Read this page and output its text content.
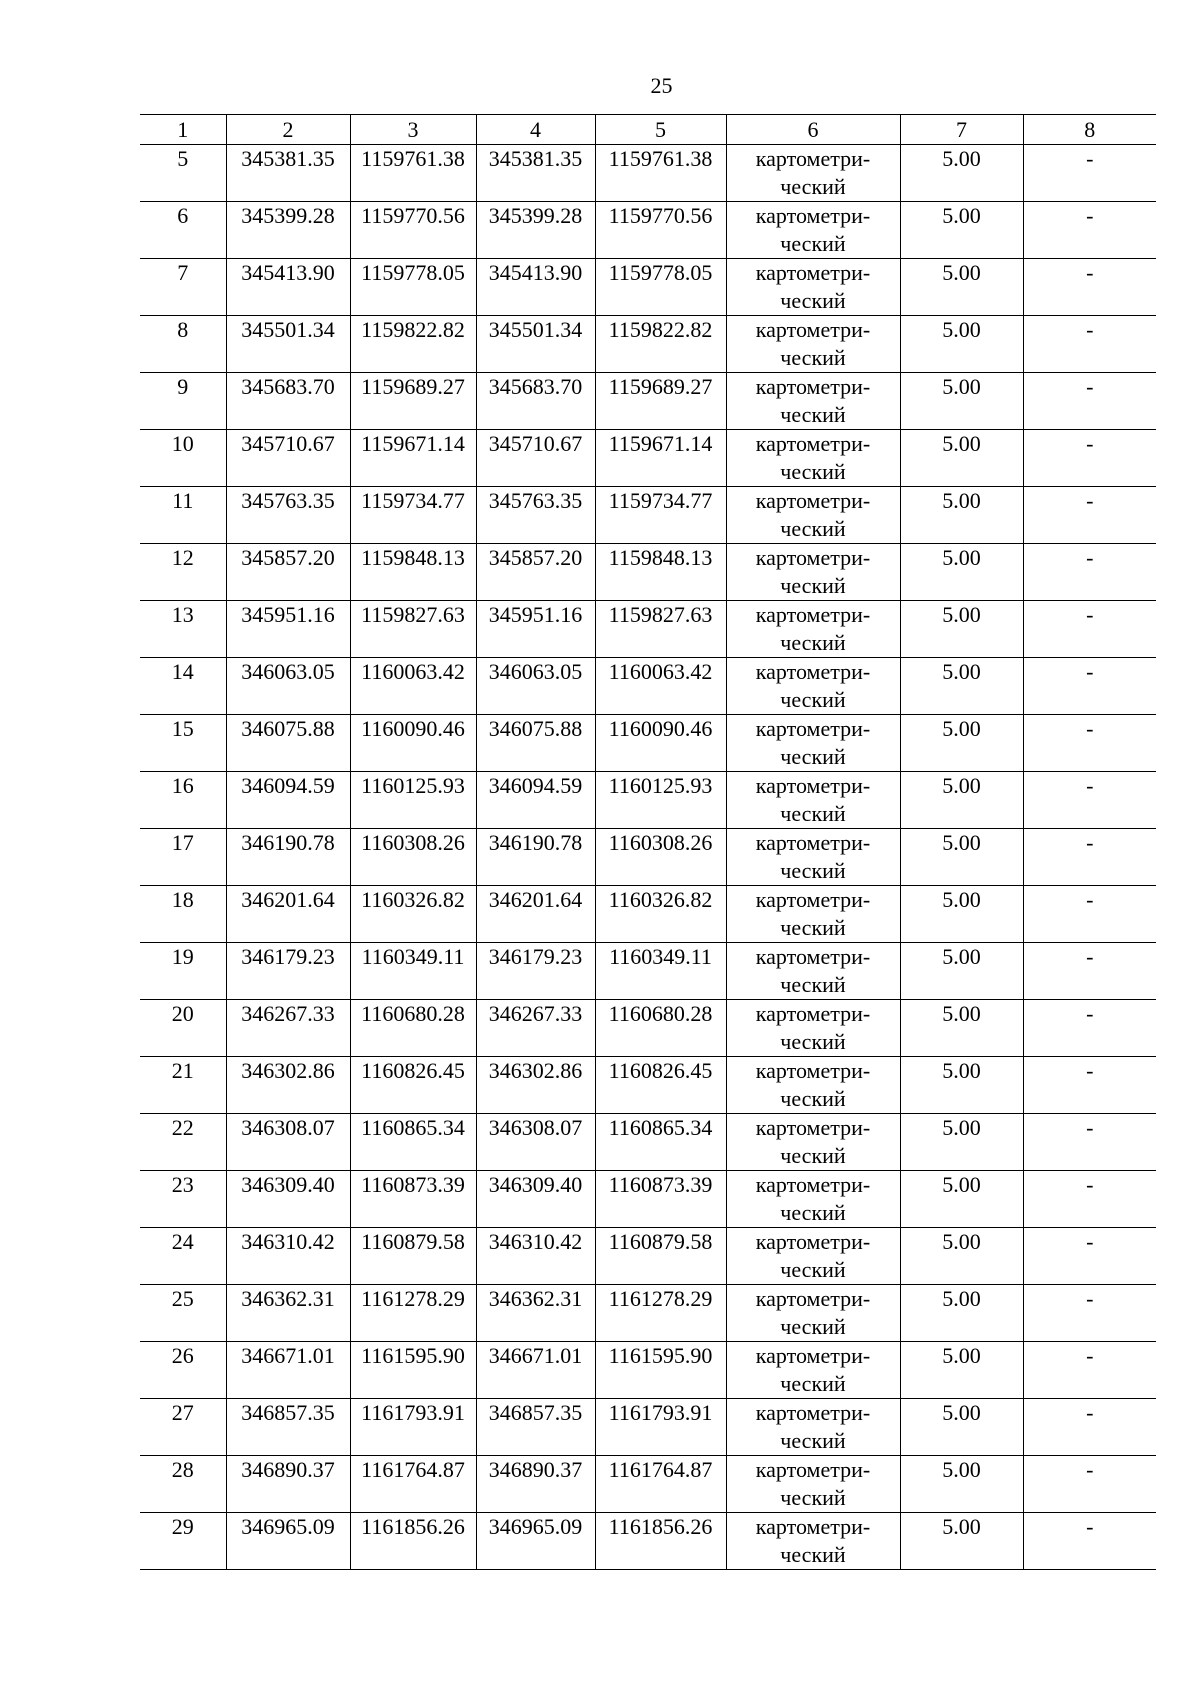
25
1	2	3	4	5	6	7	8
5	345381.35	1159761.38	345381.35	1159761.38	картометри-
ческий	5.00	-
6	345399.28	1159770.56	345399.28	1159770.56	картометри-
ческий	5.00	-
7	345413.90	1159778.05	345413.90	1159778.05	картометри-
ческий	5.00	-
8	345501.34	1159822.82	345501.34	1159822.82	картометри-
ческий	5.00	-
9	345683.70	1159689.27	345683.70	1159689.27	картометри-
ческий	5.00	-
10	345710.67	1159671.14	345710.67	1159671.14	картометри-
ческий	5.00	-
11	345763.35	1159734.77	345763.35	1159734.77	картометри-
ческий	5.00	-
12	345857.20	1159848.13	345857.20	1159848.13	картометри-
ческий	5.00	-
13	345951.16	1159827.63	345951.16	1159827.63	картометри-
ческий	5.00	-
14	346063.05	1160063.42	346063.05	1160063.42	картометри-
ческий	5.00	-
15	346075.88	1160090.46	346075.88	1160090.46	картометри-
ческий	5.00	-
16	346094.59	1160125.93	346094.59	1160125.93	картометри-
ческий	5.00	-
17	346190.78	1160308.26	346190.78	1160308.26	картометри-
ческий	5.00	-
18	346201.64	1160326.82	346201.64	1160326.82	картометри-
ческий	5.00	-
19	346179.23	1160349.11	346179.23	1160349.11	картометри-
ческий	5.00	-
20	346267.33	1160680.28	346267.33	1160680.28	картометри-
ческий	5.00	-
21	346302.86	1160826.45	346302.86	1160826.45	картометри-
ческий	5.00	-
22	346308.07	1160865.34	346308.07	1160865.34	картометри-
ческий	5.00	-
23	346309.40	1160873.39	346309.40	1160873.39	картометри-
ческий	5.00	-
24	346310.42	1160879.58	346310.42	1160879.58	картометри-
ческий	5.00	-
25	346362.31	1161278.29	346362.31	1161278.29	картометри-
ческий	5.00	-
26	346671.01	1161595.90	346671.01	1161595.90	картометри-
ческий	5.00	-
27	346857.35	1161793.91	346857.35	1161793.91	картометри-
ческий	5.00	-
28	346890.37	1161764.87	346890.37	1161764.87	картометри-
ческий	5.00	-
29	346965.09	1161856.26	346965.09	1161856.26	картометри-
ческий	5.00	-
